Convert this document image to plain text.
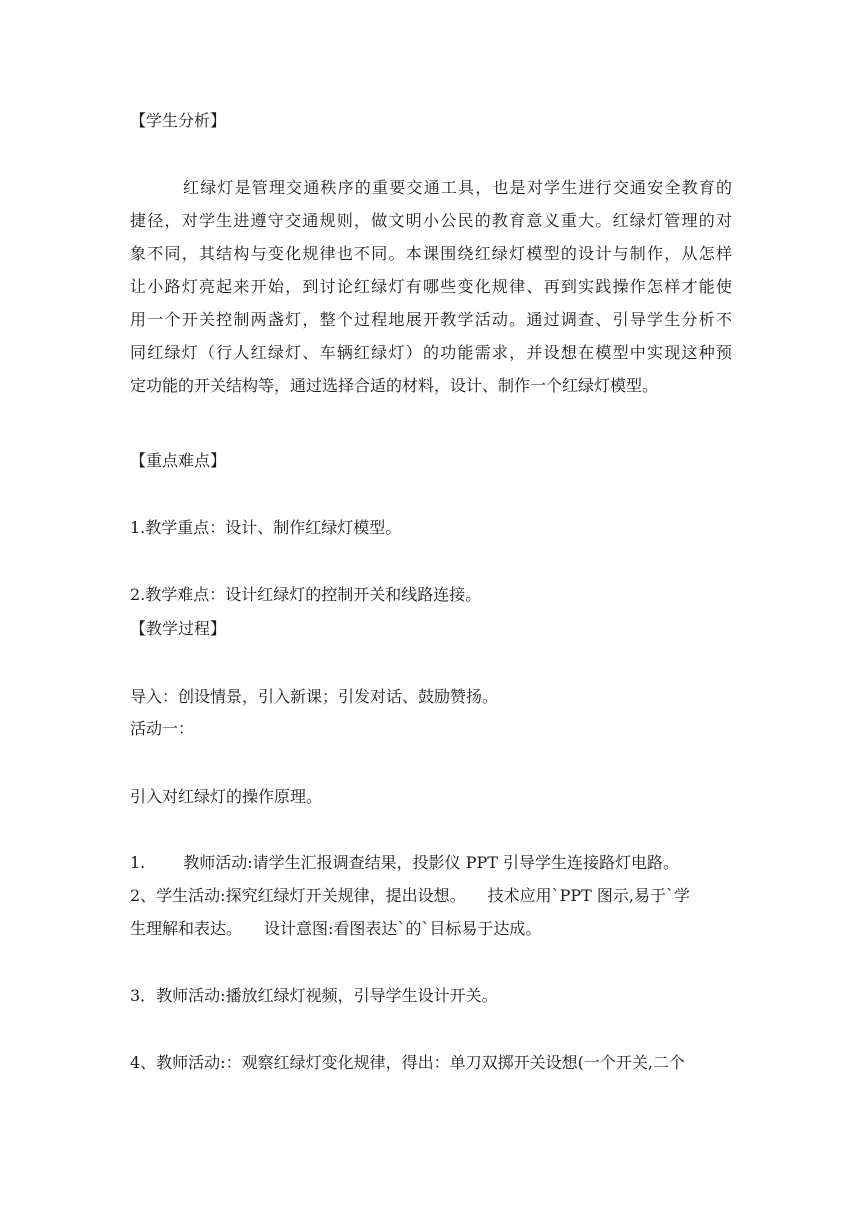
【学生分析】
红绿灯是管理交通秩序的重要交通工具，也是对学生进行交通安全教育的
捷径，对学生进遵守交通规则，做文明小公民的教育意义重大。红绿灯管理的对
象不同，其结构与变化规律也不同。本课围绕红绿灯模型的设计与制作，从怎样
让小路灯亮起来开始，到讨论红绿灯有哪些变化规律、再到实践操作怎样才能使
用一个开关控制两盏灯，整个过程地展开教学活动。通过调查、引导学生分析不
同红绿灯（行人红绿灯、车辆红绿灯）的功能需求，并设想在模型中实现这种预
定功能的开关结构等，通过选择合适的材料，设计、制作一个红绿灯模型。
【重点难点】
1.教学重点：设计、制作红绿灯模型。
2.教学难点：设计红绿灯的控制开关和线路连接。
【教学过程】
导入：创设情景，引入新课；引发对话、鼓励赞扬。
活动一：
引入对红绿灯的操作原理。
1. 教师活动:请学生汇报调查结果，投影仪 PPT 引导学生连接路灯电路。
2、学生活动:探究红绿灯开关规律，提出设想。 技术应用`PPT 图示,易于`学
生理解和表达。 设计意图:看图表达`的`目标易于达成。
3．教师活动:播放红绿灯视频，引导学生设计开关。
4、教师活动:：观察红绿灯变化规律，得出：单刀双掷开关设想(一个开关,二个
